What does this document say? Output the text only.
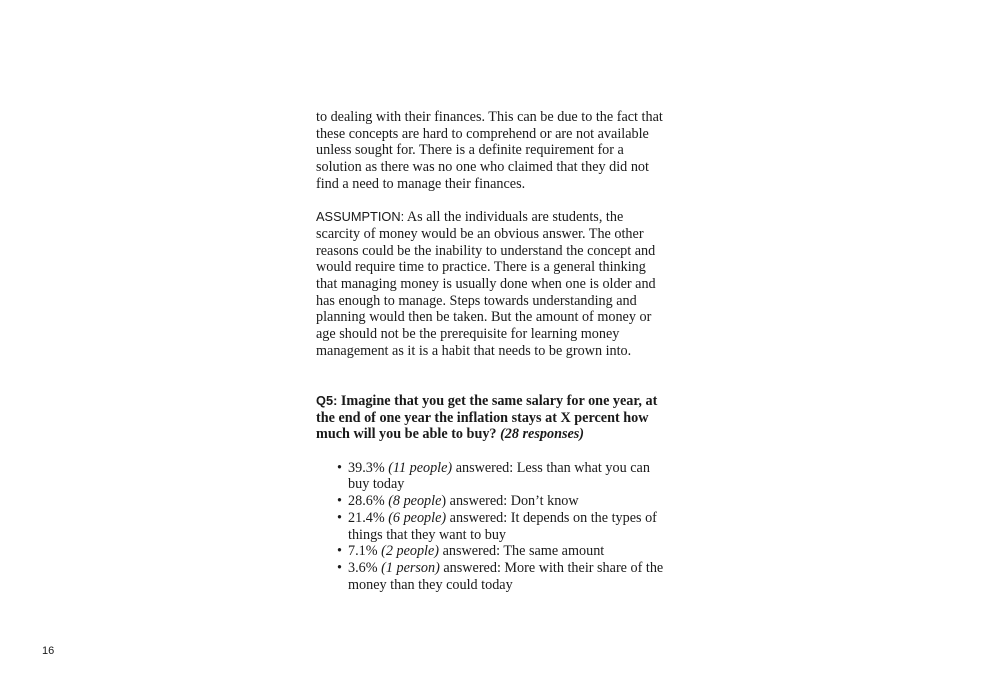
to dealing with their finances. This can be due to the fact that these concepts are hard to comprehend or are not available unless sought for. There is a definite requirement for a solution as there was no one who claimed that they did not find a need to manage their finances.

ASSUMPTION: As all the individuals are students, the scarcity of money would be an obvious answer. The other reasons could be the inability to understand the concept and would require time to practice. There is a general thinking that managing money is usually done when one is older and has enough to manage. Steps towards understanding and planning would then be taken. But the amount of money or age should not be the prerequisite for learning money management as it is a habit that needs to be grown into.

Q5: Imagine that you get the same salary for one year, at the end of one year the inflation stays at X percent how much will you be able to buy? (28 responses)

• 39.3% (11 people) answered: Less than what you can buy today
• 28.6% (8 people) answered: Don’t know
• 21.4% (6 people) answered: It depends on the types of things that they want to buy
• 7.1% (2 people) answered: The same amount
• 3.6% (1 person) answered: More with their share of the money than they could today
16
